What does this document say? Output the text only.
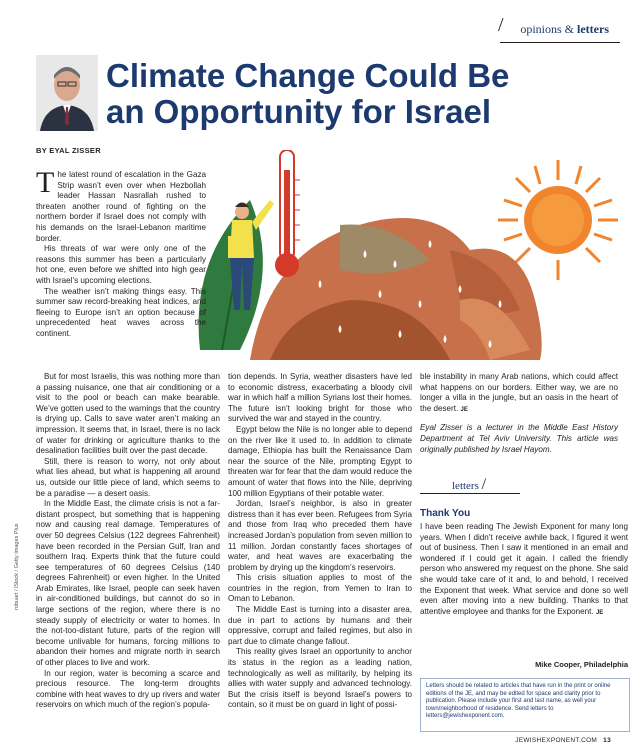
/ opinions & letters
Climate Change Could Be
an Opportunity for Israel
BY EYAL ZISSER

The latest round of escalation in the Gaza Strip wasn’t even over when Hezbollah leader Hassan Nasrallah rushed to threaten another round of fighting on the northern border if Israel does not comply with his demands on the Israel-Lebanon maritime border.

His threats of war were only one of the reasons this summer has been a particularly hot one, even before we shifted into high gear with Israel’s upcoming elections.

The weather isn’t making things easy. This summer saw record-breaking heat indices, and fleeing to Europe isn’t an option because of unprecedented heat waves across the continent.

But for most Israelis, this was nothing more than a passing nuisance, one that air conditioning or a visit to the pool or beach can make bearable. We’ve gotten used to the warnings that the country is drying up. Calls to save water aren’t making an impression. It seems that, in Israel, there is no lack of water for drinking or agriculture thanks to the desalination facilities built over the past decade.

Still, there is reason to worry, not only about what lies ahead, but what is happening all around us, outside our little piece of land, which seems to be a paradise — a desert oasis.

In the Middle East, the climate crisis is not a far-distant prospect, but something that is happening now and causing real damage. Temperatures of over 50 degrees Celsius (122 degrees Fahrenheit) have been recorded in the Persian Gulf, Iran and southern Iraq. Experts think that the future could see temperatures of 60 degrees Celsius (140 degrees Fahrenheit) or even higher. In the United Arab Emirates, like Israel, people can seek haven in air-conditioned buildings, but cannot do so in large sections of the region, where there is no steady supply of electricity or water to homes. In the not-too-distant future, parts of the region will become unlivable for humans, forcing millions to abandon their homes and migrate north in search of other places to live and work.

In our region, water is becoming a scarce and precious resource. The long-term droughts combine with heat waves to dry up rivers and water reservoirs on which much of the region’s popula-

tion depends. In Syria, weather disasters have led to economic distress, exacerbating a bloody civil war in which half a million Syrians lost their homes. The future isn’t looking bright for those who survived the war and stayed in the country.

Egypt below the Nile is no longer able to depend on the river like it used to. In addition to climate damage, Ethiopia has built the Renaissance Dam near the source of the Nile, prompting Egypt to threaten war for fear that the dam would reduce the amount of water that flows into the Nile, depriving 100 million Egyptians of their potable water.

Jordan, Israel’s neighbor, is also in greater distress than it has ever been. Refugees from Syria and those from Iraq who preceded them have increased Jordan’s population from seven million to 11 million. Jordan constantly faces shortages of water, and heat waves are exacerbating the problem by drying up the kingdom’s reservoirs.

This crisis situation applies to most of the countries in the region, from Yemen to Iran to Oman to Lebanon.

The Middle East is turning into a disaster area, due in part to actions by humans and their oppressive, corrupt and failed regimes, but also in part due to climate change fallout.

This reality gives Israel an opportunity to anchor its status in the region as a leading nation, technologically as well as militarily, by helping its allies with water supply and advanced technology. But the crisis itself is beyond Israel’s powers to contain, so it must be on guard in light of possi-

ble instability in many Arab nations, which could affect what happens on our borders. Either way, we are no longer a villa in the jungle, but an oasis in the heart of the desert. JE

Eyal Zisser is a lecturer in the Middle East History Department at Tel Aviv University. This article was originally published by Israel Hayom.

letters /
Thank You

I have been reading The Jewish Exponent for many long years. When I didn’t receive awhile back, I figured it went out of business. Then I saw it mentioned in an email and wondered if I could get it again. I called the friendly person who answered my request on the phone. She said she would take care of it and, lo and behold, I received the Exponent that week. What service and done so well even after moving into a new building. Thanks to that attentive employee and thanks for the Exponent. JE

Mike Cooper, Philadelphia
Letters should be related to articles that have run in the print or online editions of the JE, and may be edited for space and clarity prior to publication. Please include your first and last name, as well your town/neighborhood of residence. Send letters to letters@jewishexponent.com.
robuart / iStock / Getty Images Plus
JEWISHEXPONENT.COM 13
